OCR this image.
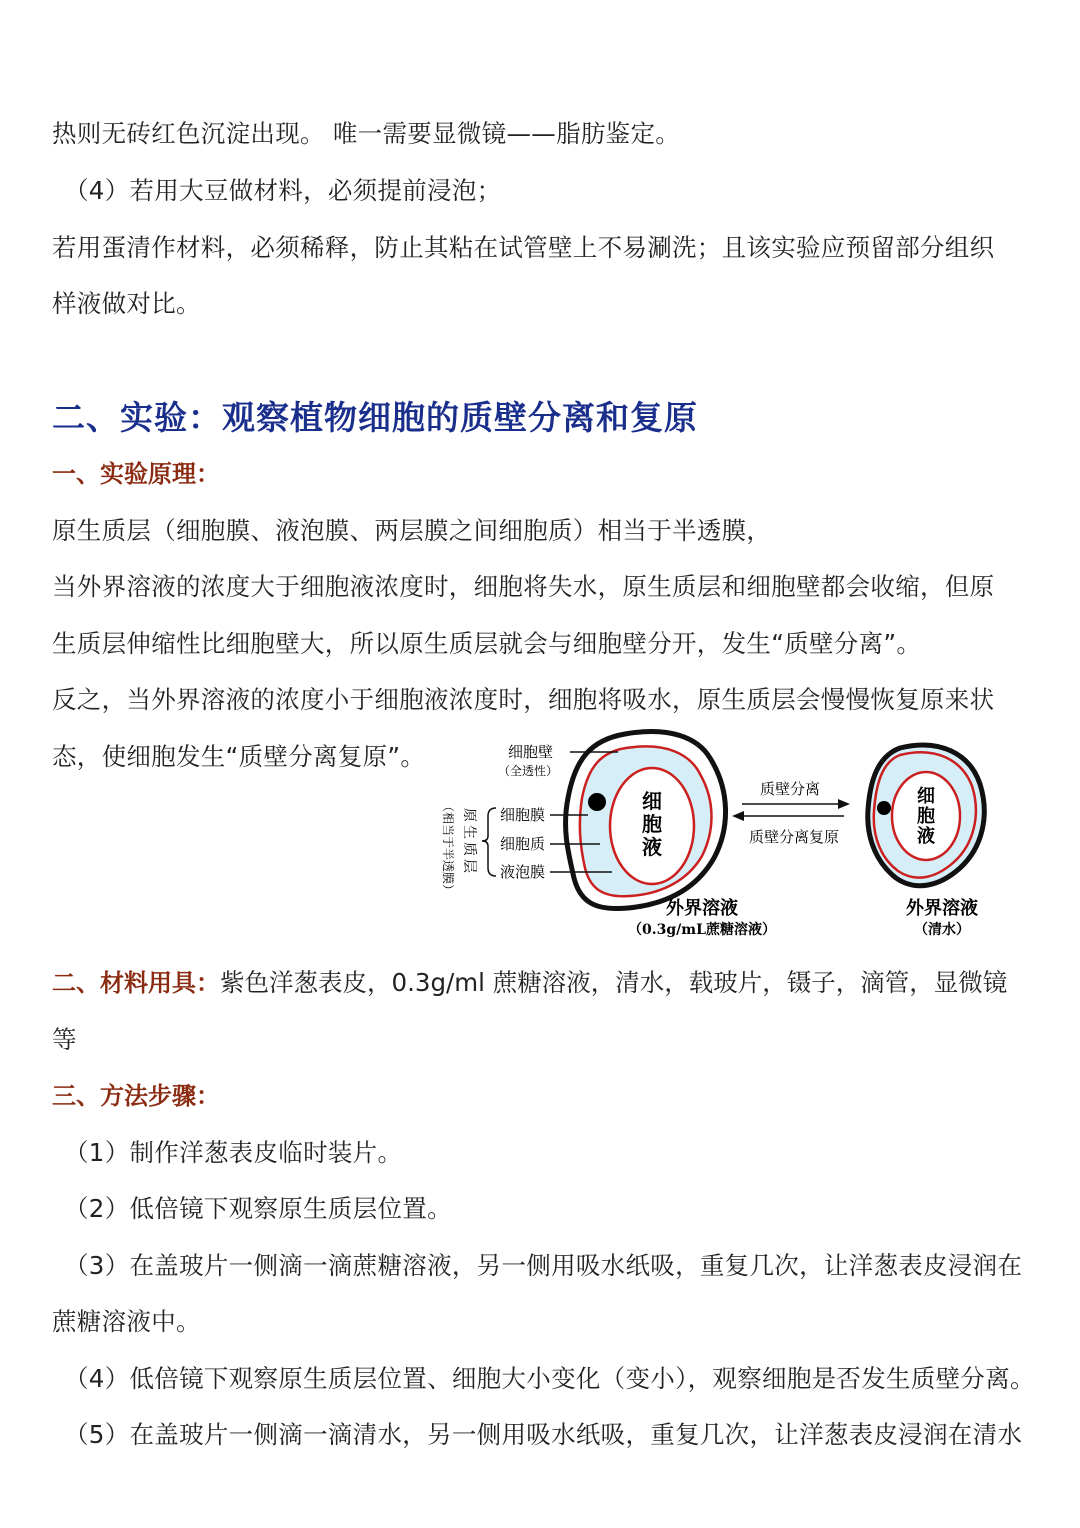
热则无砖红色沉淀出现。 唯一需要显微镜——脂肪鉴定。
（4）若用大豆做材料，必须提前浸泡；
若用蛋清作材料，必须稀释，防止其粘在试管壁上不易涮洗；且该实验应预留部分组织
样液做对比。
二、实验：观察植物细胞的质壁分离和复原
一、实验原理：
原生质层（细胞膜、液泡膜、两层膜之间细胞质）相当于半透膜，
当外界溶液的浓度大于细胞液浓度时，细胞将失水，原生质层和细胞壁都会收缩，但原
生质层伸缩性比细胞壁大，所以原生质层就会与细胞壁分开，发生“质壁分离”。
反之，当外界溶液的浓度小于细胞液浓度时，细胞将吸水，原生质层会慢慢恢复原来状
态，使细胞发生“质壁分离复原”。
细
胞
液
细胞壁
（全透性）
（相当于半透膜） 原生质层 细胞膜
细胞质
液泡膜
外界溶液
（0.3g/mL蔗糖溶液）
质壁分离
质壁分离复原
细
胞
液
外界溶液
（清水）
二、材料用具：紫色洋葱表皮，0.3g/ml 蔗糖溶液，清水，载玻片，镊子，滴管，显微镜
等
三、方法步骤：
（1）制作洋葱表皮临时装片。
（2）低倍镜下观察原生质层位置。
（3）在盖玻片一侧滴一滴蔗糖溶液，另一侧用吸水纸吸，重复几次，让洋葱表皮浸润在
蔗糖溶液中。
（4）低倍镜下观察原生质层位置、细胞大小变化（变小），观察细胞是否发生质壁分离。
（5）在盖玻片一侧滴一滴清水，另一侧用吸水纸吸，重复几次，让洋葱表皮浸润在清水
